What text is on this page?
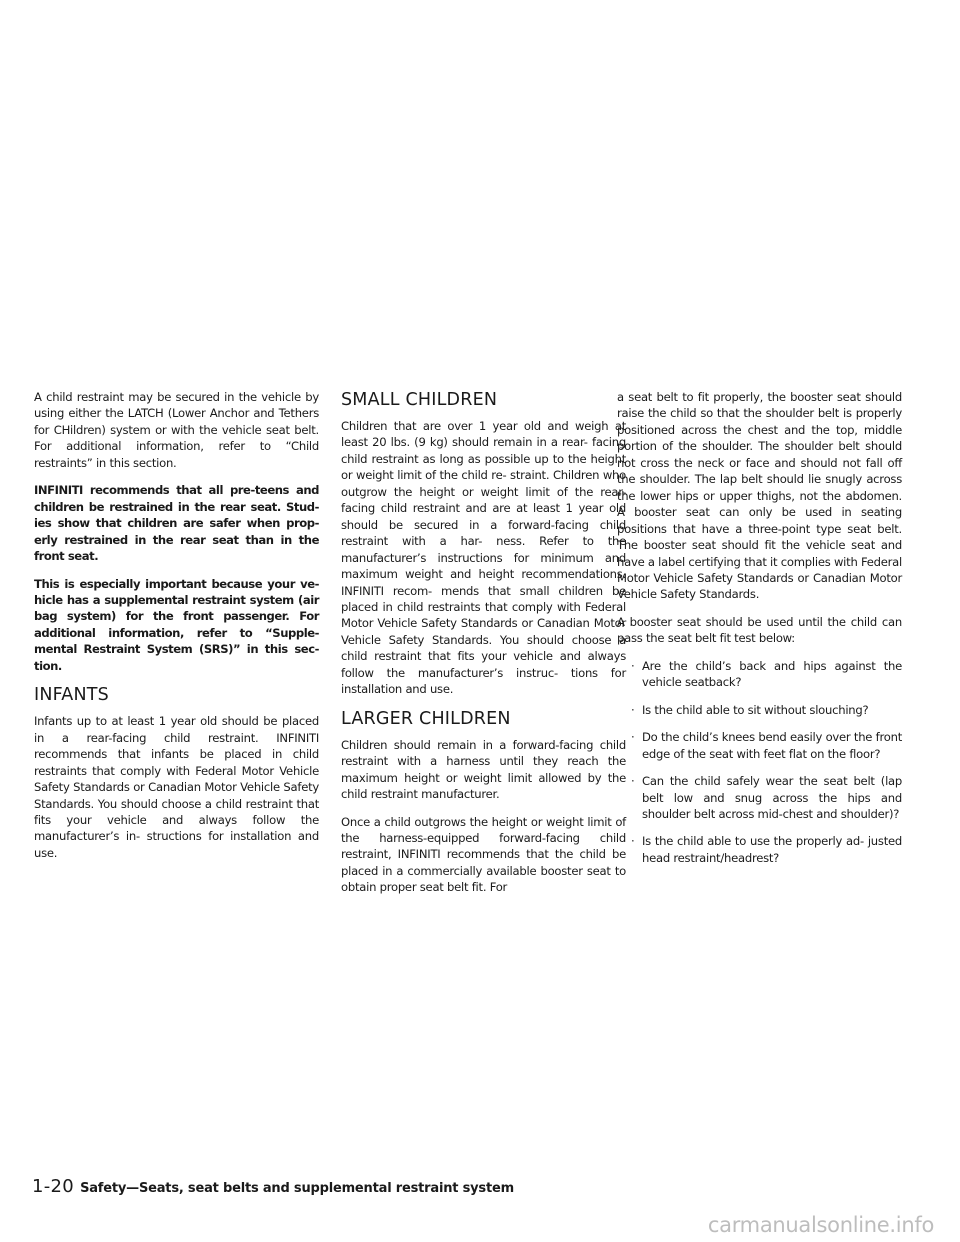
A child restraint may be secured in the vehicle by using either the LATCH (Lower Anchor and Tethers for CHildren) system or with the vehicle seat belt. For additional information, refer to “Child restraints” in this section.

INFINITI recommends that all pre-teens and children be restrained in the rear seat. Stud- ies show that children are safer when prop- erly restrained in the rear seat than in the front seat.

This is especially important because your ve- hicle has a supplemental restraint system (air bag system) for the front passenger. For additional information, refer to “Supple- mental Restraint System (SRS)” in this sec- tion.

INFANTS

Infants up to at least 1 year old should be placed in a rear-facing child restraint. INFINITI recommends that infants be placed in child restraints that comply with Federal Motor Vehicle Safety Standards or Canadian Motor Vehicle Safety Standards. You should choose a child restraint that fits your vehicle and always follow the manufacturer’s in- structions for installation and use.

SMALL CHILDREN

Children that are over 1 year old and weigh at least 20 lbs. (9 kg) should remain in a rear- facing child restraint as long as possible up to the height or weight limit of the child re- straint. Children who outgrow the height or weight limit of the rear-facing child restraint and are at least 1 year old should be secured in a forward-facing child restraint with a har- ness. Refer to the manufacturer’s instructions for minimum and maximum weight and height recommendations. INFINITI recom- mends that small children be placed in child restraints that comply with Federal Motor Vehicle Safety Standards or Canadian Motor Vehicle Safety Standards. You should choose a child restraint that fits your vehicle and always follow the manufacturer’s instruc- tions for installation and use.

LARGER CHILDREN

Children should remain in a forward-facing child restraint with a harness until they reach the maximum height or weight limit allowed by the child restraint manufacturer.

Once a child outgrows the height or weight limit of the harness-equipped forward-facing child restraint, INFINITI recommends that the child be placed in a commercially available booster seat to obtain proper seat belt fit. For

a seat belt to fit properly, the booster seat should raise the child so that the shoulder belt is properly positioned across the chest and the top, middle portion of the shoulder. The shoulder belt should not cross the neck or face and should not fall off the shoulder. The lap belt should lie snugly across the lower hips or upper thighs, not the abdomen. A booster seat can only be used in seating positions that have a three-point type seat belt. The booster seat should fit the vehicle seat and have a label certifying that it complies with Federal Motor Vehicle Safety Standards or Canadian Motor Vehicle Safety Standards.

A booster seat should be used until the child can pass the seat belt fit test below:

· Are the child’s back and hips against the vehicle seatback?
· Is the child able to sit without slouching?
· Do the child’s knees bend easily over the front edge of the seat with feet flat on the floor?
· Can the child safely wear the seat belt (lap belt low and snug across the hips and shoulder belt across mid-chest and shoulder)?
· Is the child able to use the properly ad- justed head restraint/headrest?
1-20 Safety—Seats, seat belts and supplemental restraint system
carmanualsonline.info
